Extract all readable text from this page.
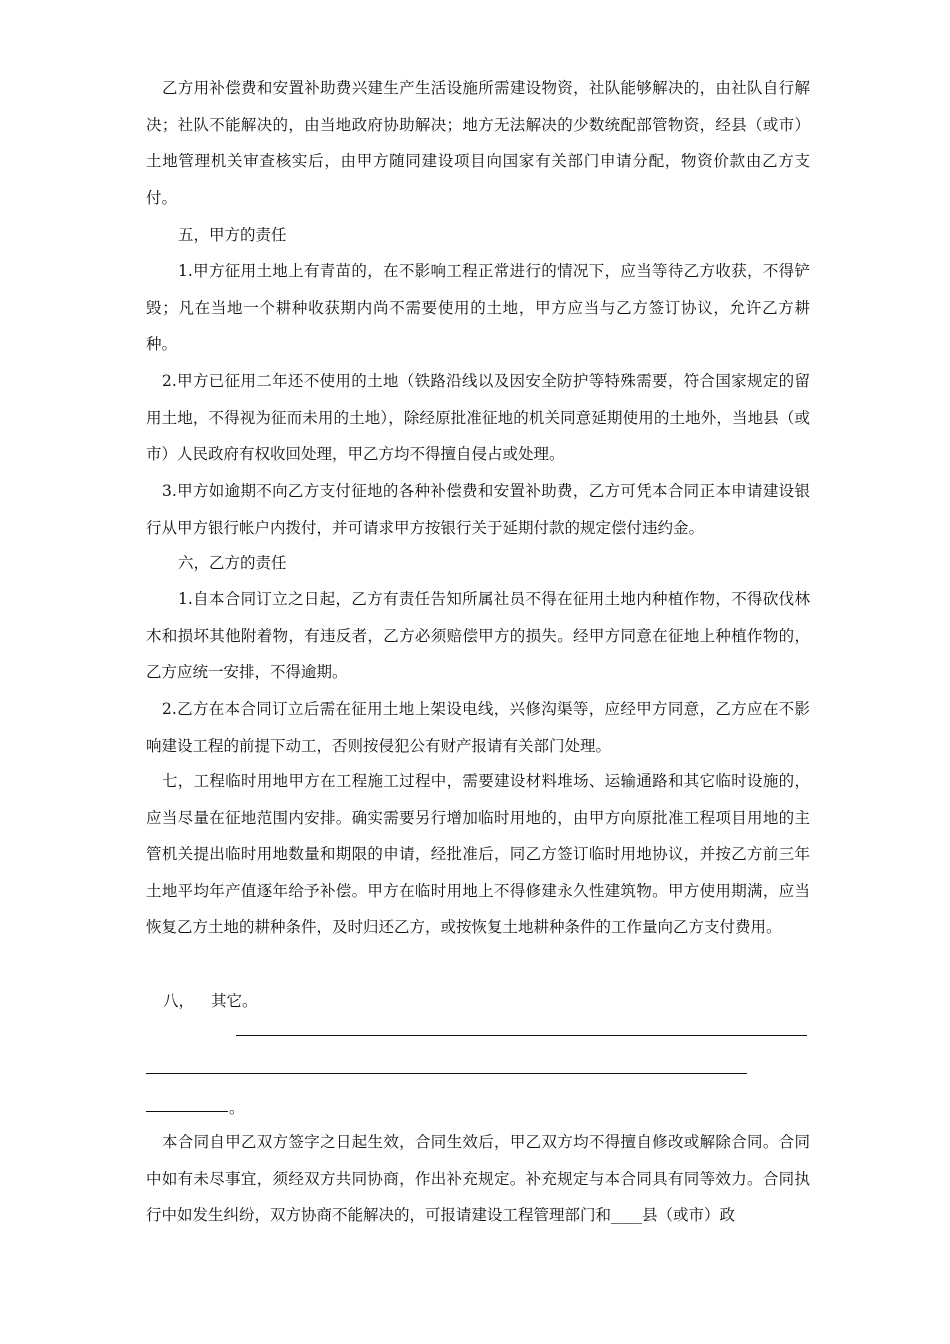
乙方用补偿费和安置补助费兴建生产生活设施所需建设物资，社队能够解决的，由社队自行解决；社队不能解决的，由当地政府协助解决；地方无法解决的少数统配部管物资，经县（或市）土地管理机关审查核实后，由甲方随同建设项目向国家有关部门申请分配，物资价款由乙方支付。

五，甲方的责任

1.甲方征用土地上有青苗的，在不影响工程正常进行的情况下，应当等待乙方收获，不得铲毁；凡在当地一个耕种收获期内尚不需要使用的土地，甲方应当与乙方签订协议，允许乙方耕种。

2.甲方已征用二年还不使用的土地（铁路沿线以及因安全防护等特殊需要，符合国家规定的留用土地，不得视为征而未用的土地），除经原批准征地的机关同意延期使用的土地外，当地县（或市）人民政府有权收回处理，甲乙方均不得擅自侵占或处理。

3.甲方如逾期不向乙方支付征地的各种补偿费和安置补助费，乙方可凭本合同正本申请建设银行从甲方银行帐户内拨付，并可请求甲方按银行关于延期付款的规定偿付违约金。

六，乙方的责任

1.自本合同订立之日起，乙方有责任告知所属社员不得在征用土地内种植作物，不得砍伐林木和损坏其他附着物，有违反者，乙方必须赔偿甲方的损失。经甲方同意在征地上种植作物的，乙方应统一安排，不得逾期。

2.乙方在本合同订立后需在征用土地上架设电线，兴修沟渠等，应经甲方同意，乙方应在不影响建设工程的前提下动工，否则按侵犯公有财产报请有关部门处理。

七，工程临时用地甲方在工程施工过程中，需要建设材料堆场、运输通路和其它临时设施的，应当尽量在征地范围内安排。确实需要另行增加临时用地的，由甲方向原批准工程项目用地的主管机关提出临时用地数量和期限的申请，经批准后，同乙方签订临时用地协议，并按乙方前三年土地平均年产值逐年给予补偿。甲方在临时用地上不得修建永久性建筑物。甲方使用期满，应当恢复乙方土地的耕种条件，及时归还乙方，或按恢复土地耕种条件的工作量向乙方支付费用。

八， 其它。

。

本合同自甲乙双方签字之日起生效，合同生效后，甲乙双方均不得擅自修改或解除合同。合同中如有未尽事宜，须经双方共同协商，作出补充规定。补充规定与本合同具有同等效力。合同执行中如发生纠纷，双方协商不能解决的，可报请建设工程管理部门和____县（或市）政
